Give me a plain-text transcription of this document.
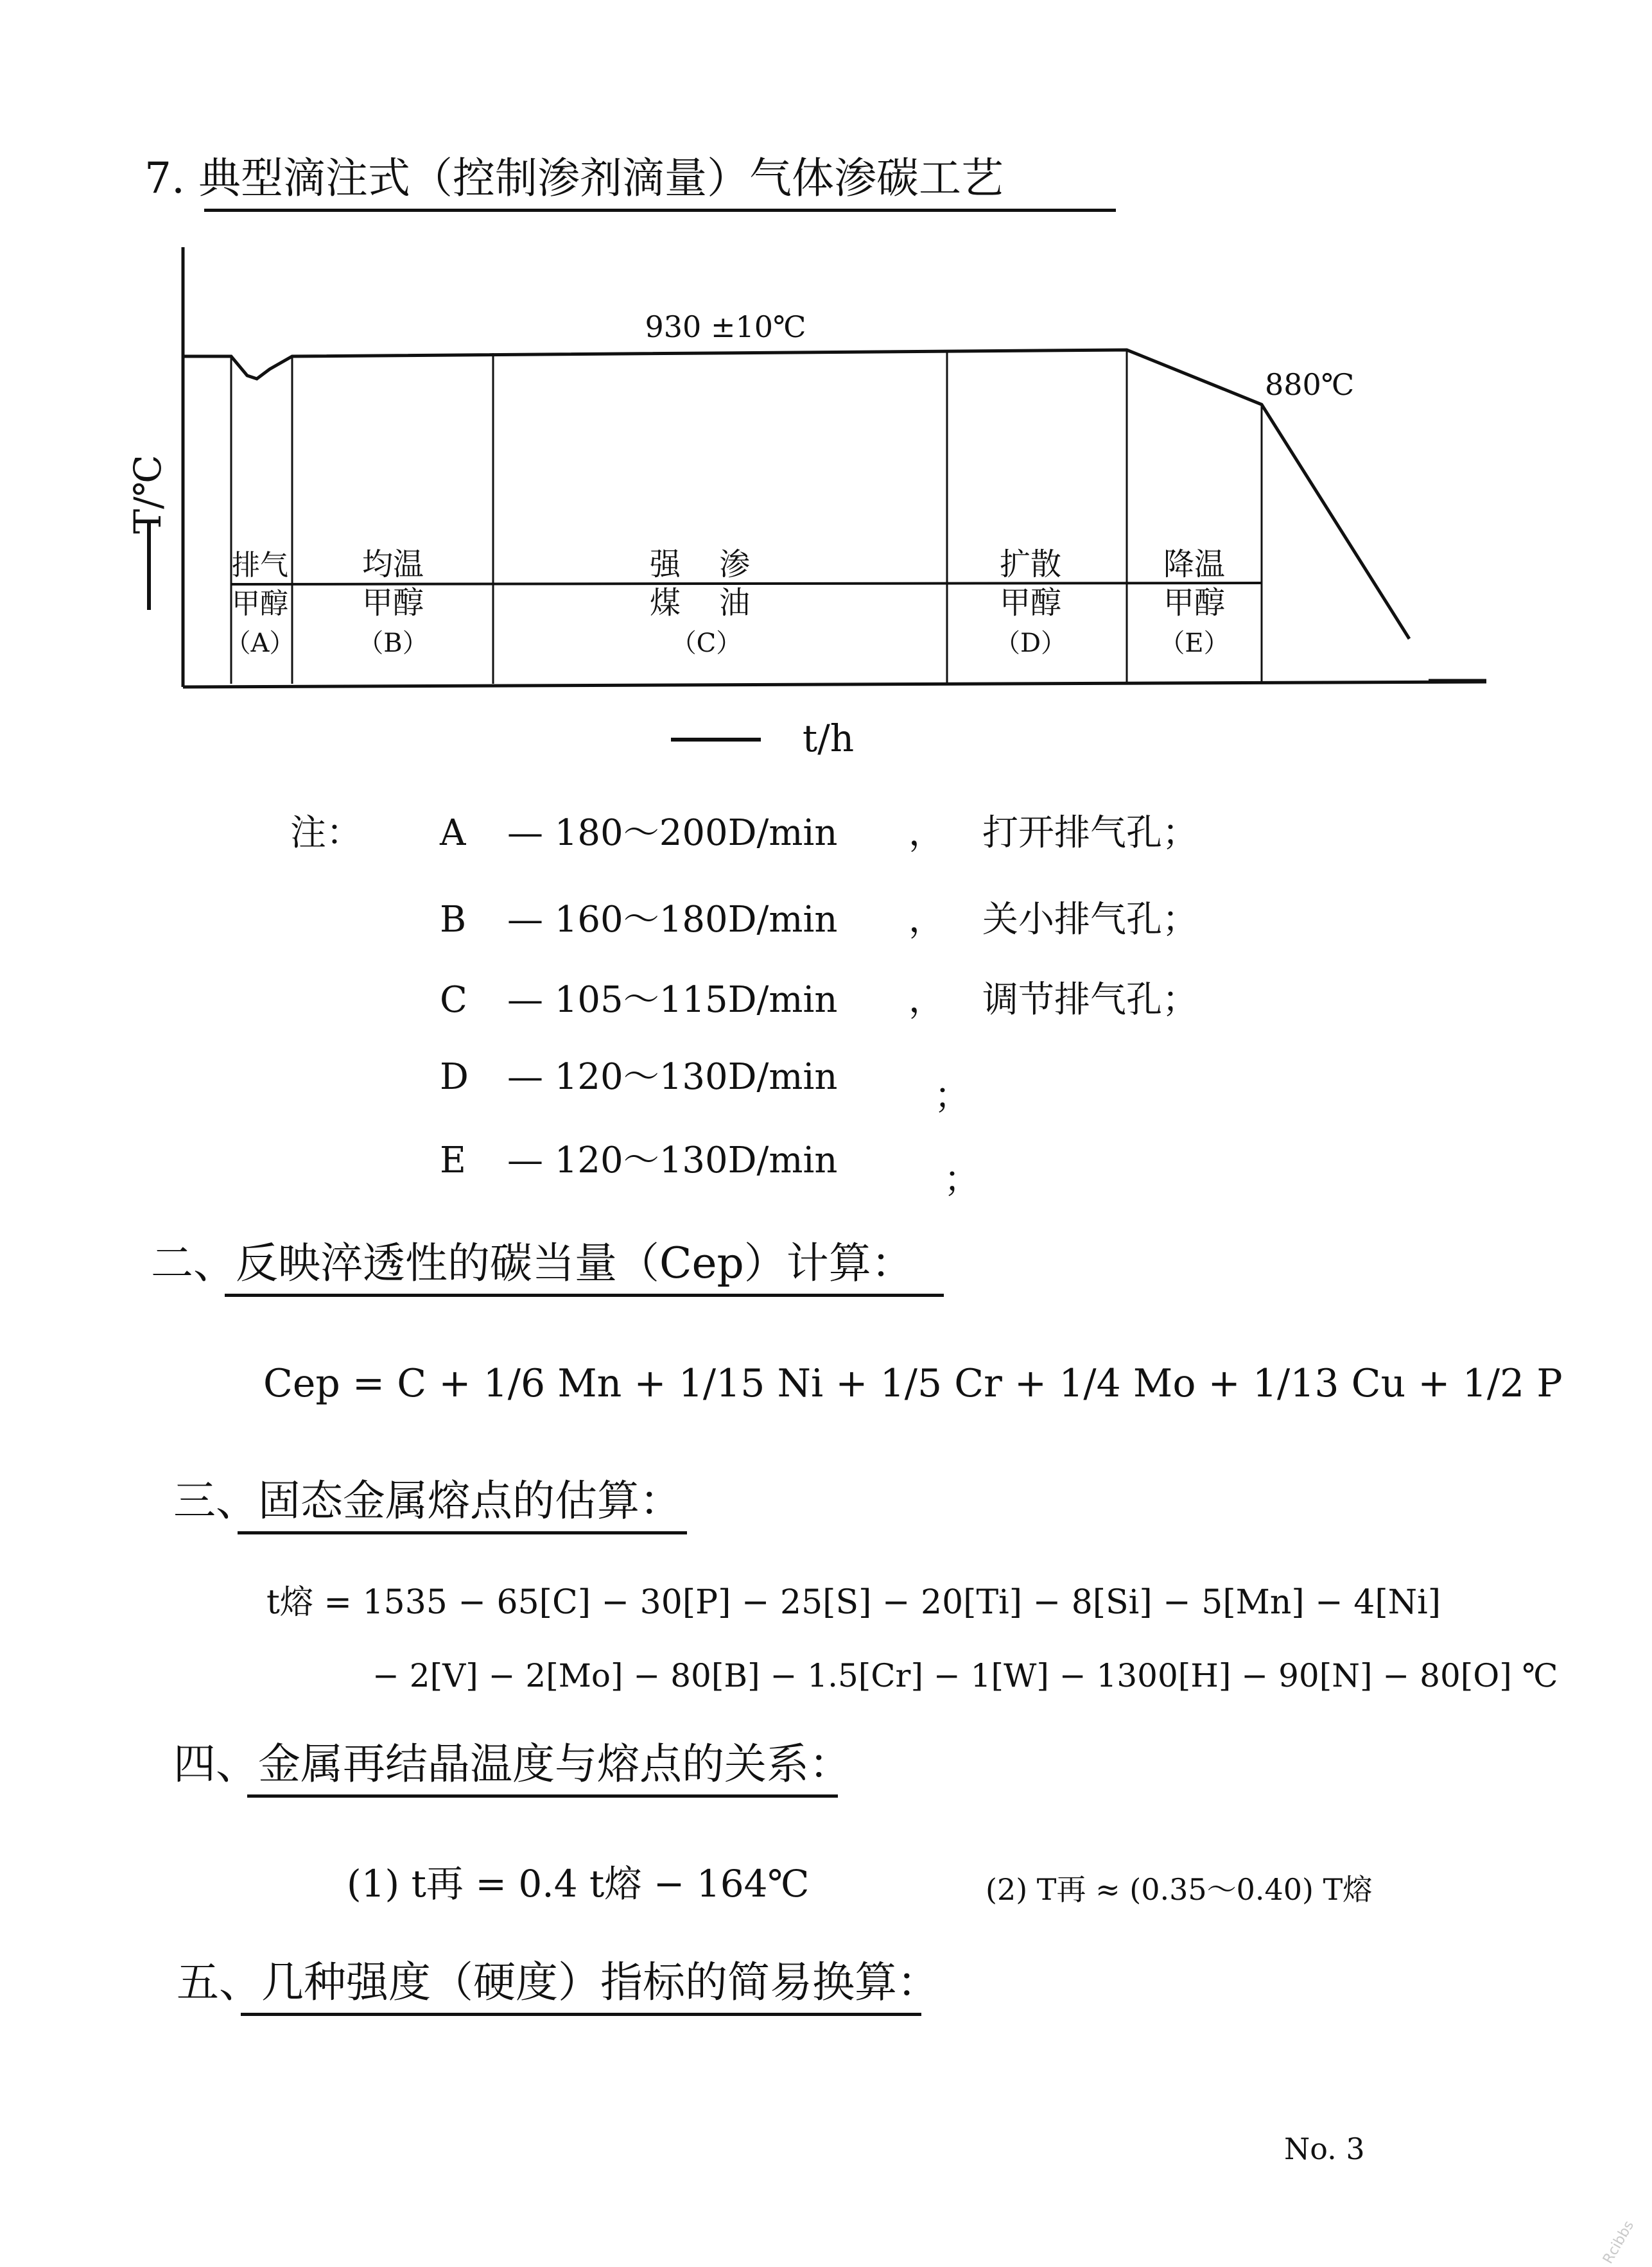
7. 典型滴注式（控制渗剂滴量）气体渗碳工艺
T/℃
930 ±10℃
880℃
排气
甲醇
（A）
均温
甲醇
（B）
强渗
煤油
（C）
扩散
甲醇
（D）
降温
甲醇
（E）
t/h
注： A — 180～200D/min ， 打开排气孔；
B — 160～180D/min ， 关小排气孔；
C — 105～115D/min ， 调节排气孔；
D — 120～130D/min	；
E — 120～130D/min	；
二、反映淬透性的碳当量（Cep）计算：
Cep = C + 1/6 Mn + 1/15 Ni + 1/5 Cr + 1/4 Mo + 1/13 Cu + 1/2 P
三、固态金属熔点的估算：
t熔 = 1535 − 65[C] − 30[P] − 25[S] − 20[Ti] − 8[Si] − 5[Mn] − 4[Ni]
− 2[V] − 2[Mo] − 80[B] − 1.5[Cr] − 1[W] − 1300[H] − 90[N] − 80[O] ℃
四、金属再结晶温度与熔点的关系：
(1) t再 = 0.4 t熔 − 164℃	(2) T再 ≈ (0.35～0.40) T熔
五、几种强度（硬度）指标的简易换算：
No. 3
Rcibbs
